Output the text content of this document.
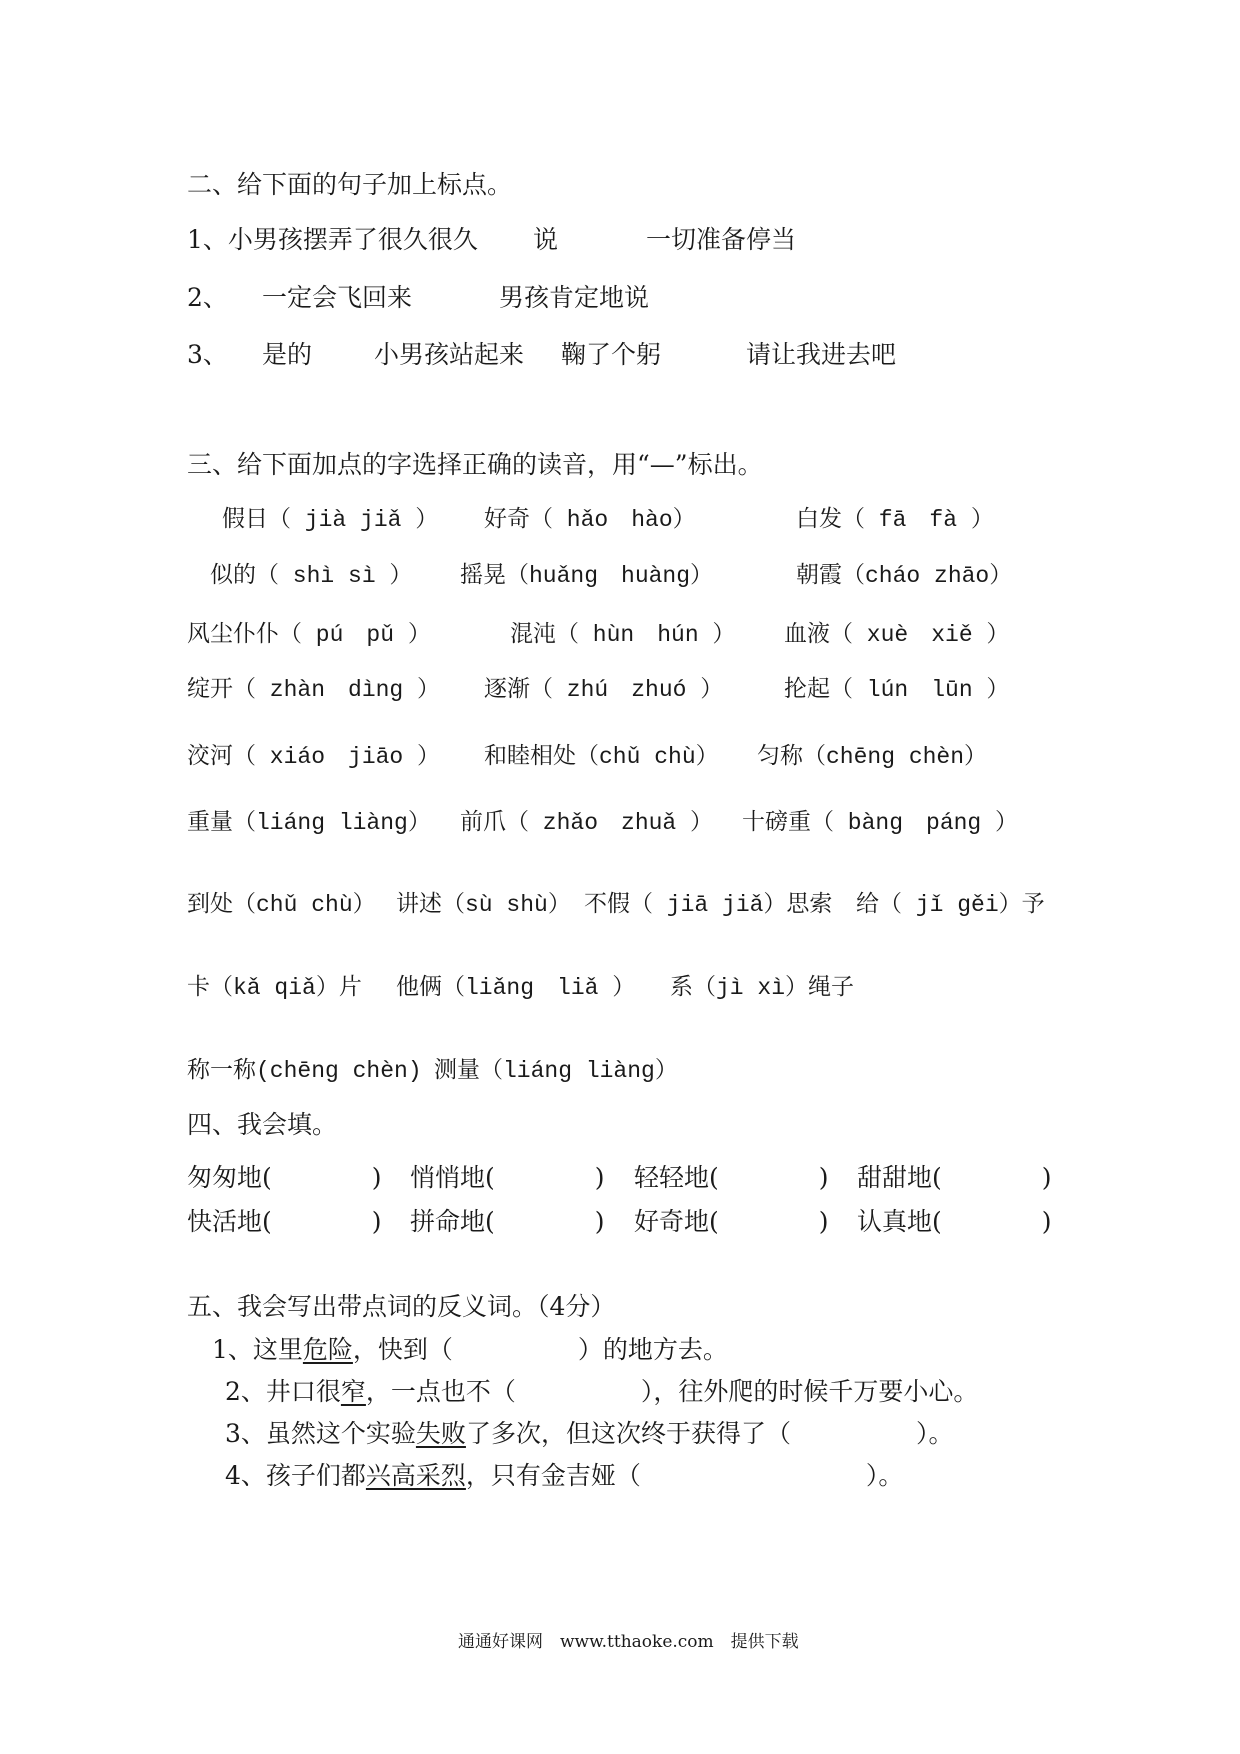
二、给下面的句子加上标点。
1、小男孩摆弄了很久很久 说	一切准备停当
2、 一定会飞回来	男孩肯定地说
3、 是的 小男孩站起来 鞠了个躬	请让我进去吧
三、给下面加点的字选择正确的读音，用“—”标出。
假日（ jià jiǎ ） 好奇（ hǎo　hào）	白发（ fā　fà ）
似的（ shì sì ） 摇晃（huǎng　huàng）	朝霞（cháo zhāo）
风尘仆仆（ pú　pǔ ）	混沌（ hùn　hún ） 血液（ xuè　xiě ）
绽开（ zhàn　dìng ） 逐渐（ zhú　zhuó ）	抡起（ lún　lūn ）
洨河（ xiáo　jiāo ） 和睦相处（chǔ chù） 匀称（chēng chèn）
重量（liáng liàng） 前爪（ zhǎo　zhuǎ ） 十磅重（ bàng　páng ）
到处（chǔ chù） 讲述（sù shù） 不假（ jiā jiǎ）思索 给（ jǐ gěi）予
卡（kǎ qiǎ）片 他俩（liǎng　liǎ ） 系（jì xì）绳子
称一称(chēng chèn) 测量（liáng liàng）
四、我会填。
匆匆地(　　　　) 悄悄地(　　　　) 轻轻地(　　　　) 甜甜地(　　　　)
快活地(　　　　) 拼命地(　　　　) 好奇地(　　　　) 认真地(　　　　)
五、我会写出带点词的反义词。（4分）
1、这里危险，快到（　　　　　）的地方去。
2、井口很窄，一点也不（　　　　　），往外爬的时候千万要小心。
3、虽然这个实验失败了多次，但这次终于获得了（　　　　　）。
4、孩子们都兴高采烈，只有金吉娅（　　　　　　　　　）。
通通好课网　www.tthaoke.com　提供下载
